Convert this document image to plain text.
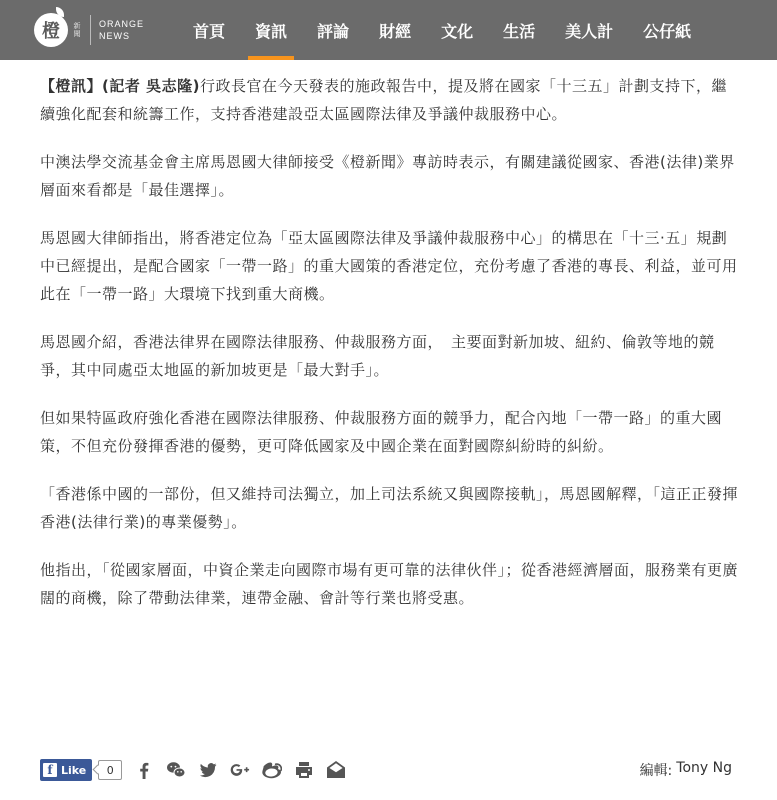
橙 新聞 ORANGE
NEWS	首頁	資訊	評論	財經	文化	生活	美人計	公仔紙

【橙訊】(記者 吳志隆)行政長官在今天發表的施政報告中，提及將在國家「十三五」計劃支持下，繼續強化配套和統籌工作，支持香港建設亞太區國際法律及爭議仲裁服務中心。

中澳法學交流基金會主席馬恩國大律師接受《橙新聞》專訪時表示，有關建議從國家、香港(法律)業界層面來看都是「最佳選擇」。

馬恩國大律師指出，將香港定位為「亞太區國際法律及爭議仲裁服務中心」的構思在「十三·五」規劃中已經提出，是配合國家「一帶一路」的重大國策的香港定位，充份考慮了香港的專長、利益，並可用此在「一帶一路」大環境下找到重大商機。

馬恩國介紹，香港法律界在國際法律服務、仲裁服務方面，　主要面對新加坡、紐約、倫敦等地的競爭，其中同處亞太地區的新加坡更是「最大對手」。

但如果特區政府強化香港在國際法律服務、仲裁服務方面的競爭力，配合內地「一帶一路」的重大國策，不但充份發揮香港的優勢，更可降低國家及中國企業在面對國際糾紛時的糾紛。

「香港係中國的一部份，但又維持司法獨立，加上司法系統又與國際接軌」，馬恩國解釋，「這正正發揮香港(法律行業)的專業優勢」。

他指出，「從國家層面，中資企業走向國際市場有更可靠的法律伙伴」；從香港經濟層面，服務業有更廣闊的商機，除了帶動法律業，連帶金融、會計等行業也將受惠。

f Like	0	編輯: Tony Ng
